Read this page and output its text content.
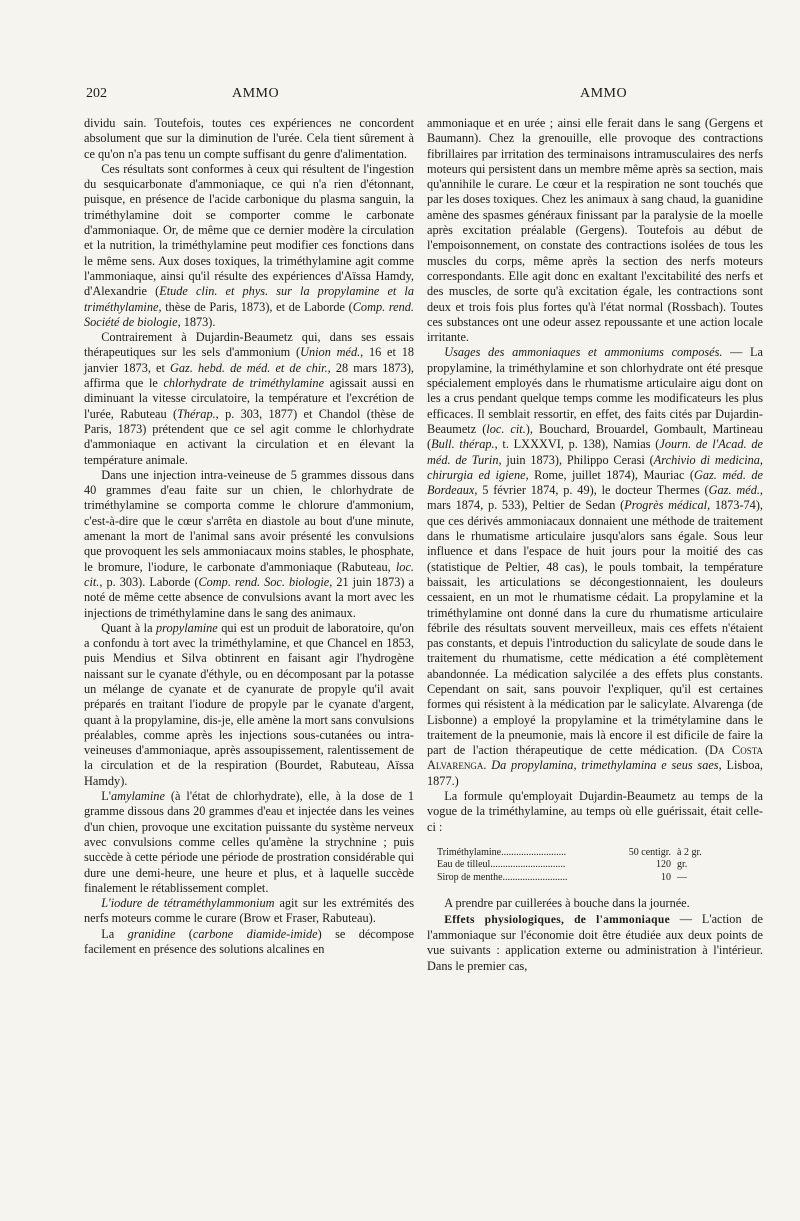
202	AMMO	AMMO

dividu sain. Toutefois, toutes ces expériences ne concordent absolument que sur la diminution de l'urée. Cela tient sûrement à ce qu'on n'a pas tenu un compte suffisant du genre d'alimentation.

Ces résultats sont conformes à ceux qui résultent de l'ingestion du sesquicarbonate d'ammoniaque, ce qui n'a rien d'étonnant, puisque, en présence de l'acide carbonique du plasma sanguin, la triméthylamine doit se comporter comme le carbonate d'ammoniaque. Or, de même que ce dernier modère la circulation et la nutrition, la triméthylamine peut modifier ces fonctions dans le même sens. Aux doses toxiques, la triméthylamine agit comme l'ammoniaque, ainsi qu'il résulte des expériences d'Aïssa Hamdy, d'Alexandrie (Etude clin. et phys. sur la propylamine et la triméthylamine, thèse de Paris, 1873), et de Laborde (Comp. rend. Société de biologie, 1873).

Contrairement à Dujardin-Beaumetz qui, dans ses essais thérapeutiques sur les sels d'ammonium (Union méd., 16 et 18 janvier 1873, et Gaz. hebd. de méd. et de chir., 28 mars 1873), affirma que le chlorhydrate de triméthylamine agissait aussi en diminuant la vitesse circulatoire, la température et l'excrétion de l'urée, Rabuteau (Thérap., p. 303, 1877) et Chandol (thèse de Paris, 1873) prétendent que ce sel agit comme le chlorhydrate d'ammoniaque en activant la circulation et en élevant la température animale.

Dans une injection intra-veineuse de 5 grammes dissous dans 40 grammes d'eau faite sur un chien, le chlorhydrate de triméthylamine se comporta comme le chlorure d'ammonium, c'est-à-dire que le cœur s'arrêta en diastole au bout d'une minute, amenant la mort de l'animal sans avoir présenté les convulsions que provoquent les sels ammoniacaux moins stables, le phosphate, le bromure, l'iodure, le carbonate d'ammoniaque (Rabuteau, loc. cit., p. 303). Laborde (Comp. rend. Soc. biologie, 21 juin 1873) a noté de même cette absence de convulsions avant la mort avec les injections de triméthylamine dans le sang des animaux.

Quant à la propylamine qui est un produit de laboratoire, qu'on a confondu à tort avec la triméthylamine, et que Chancel en 1853, puis Mendius et Silva obtinrent en faisant agir l'hydrogène naissant sur le cyanate d'éthyle, ou en décomposant par la potasse un mélange de cyanate et de cyanurate de propyle qu'il avait préparés en traitant l'iodure de propyle par le cyanate d'argent, quant à la propylamine, dis-je, elle amène la mort sans convulsions préalables, comme après les injections sous-cutanées ou intra-veineuses d'ammoniaque, après assoupissement, ralentissement de la circulation et de la respiration (Bourdet, Rabuteau, Aïssa Hamdy).

L'amylamine (à l'état de chlorhydrate), elle, à la dose de 1 gramme dissous dans 20 grammes d'eau et injectée dans les veines d'un chien, provoque une excitation puissante du système nerveux avec convulsions comme celles qu'amène la strychnine ; puis succède à cette période une période de prostration considérable qui dure une demi-heure, une heure et plus, et à laquelle succède finalement le rétablissement complet.

L'iodure de tétraméthylammonium agit sur les extrémités des nerfs moteurs comme le curare (Brow et Fraser, Rabuteau).

La granidine (carbone diamide-imide) se décompose facilement en présence des solutions alcalines en

ammoniaque et en urée ; ainsi elle ferait dans le sang (Gergens et Baumann). Chez la grenouille, elle provoque des contractions fibrillaires par irritation des terminaisons intramusculaires des nerfs moteurs qui persistent dans un membre même après sa section, mais qu'annihile le curare. Le cœur et la respiration ne sont touchés que par les doses toxiques. Chez les animaux à sang chaud, la guanidine amène des spasmes généraux finissant par la paralysie de la moelle après excitation préalable (Gergens). Toutefois au début de l'empoisonnement, on constate des contractions isolées de tous les muscles du corps, même après la section des nerfs moteurs correspondants. Elle agit donc en exaltant l'excitabilité des nerfs et des muscles, de sorte qu'à excitation égale, les contractions sont deux et trois fois plus fortes qu'à l'état normal (Rossbach). Toutes ces substances ont une odeur assez repoussante et une action locale irritante.

Usages des ammoniaques et ammoniums composés. — La propylamine, la triméthylamine et son chlorhydrate ont été presque spécialement employés dans le rhumatisme articulaire aigu dont on les a crus pendant quelque temps comme les modificateurs les plus efficaces. Il semblait ressortir, en effet, des faits cités par Dujardin-Beaumetz (loc. cit.), Bouchard, Brouardel, Gombault, Martineau (Bull. thérap., t. LXXXVI, p. 138), Namias (Journ. de l'Acad. de méd. de Turin, juin 1873), Philippo Cerasi (Archivio di medicina, chirurgia ed igiene, Rome, juillet 1874), Mauriac (Gaz. méd. de Bordeaux, 5 février 1874, p. 49), le docteur Thermes (Gaz. méd., mars 1874, p. 533), Peltier de Sedan (Progrès médical, 1873-74), que ces dérivés ammoniacaux donnaient une méthode de traitement dans le rhumatisme articulaire jusqu'alors sans égale. Sous leur influence et dans l'espace de huit jours pour la moitié des cas (statistique de Peltier, 48 cas), le pouls tombait, la température baissait, les articulations se décongestionnaient, les douleurs cessaient, en un mot le rhumatisme cédait. La propylamine et la triméthylamine ont donné dans la cure du rhumatisme articulaire fébrile des résultats souvent merveilleux, mais ces effets n'étaient pas constants, et depuis l'introduction du salicylate de soude dans le traitement du rhumatisme, cette médication a été complètement abandonnée. La médication salycilée a des effets plus constants. Cependant on sait, sans pouvoir l'expliquer, qu'il est certaines formes qui résistent à la médication par le salicylate. Alvarenga (de Lisbonne) a employé la propylamine et la trimétylamine dans le traitement de la pneumonie, mais là encore il est dificile de faire la part de l'action thérapeutique de cette médication. (Da Costa Alvarenga. Da propylamina, trimethylamina e seus saes, Lisboa, 1877.)

La formule qu'employait Dujardin-Beaumetz au temps de la vogue de la triméthylamine, au temps où elle guérissait, était celle-ci :

Triméthylamine..........................	50 centigr.	à 2 gr.
Eau de tilleul..............................	120	gr.
Sirop de menthe..........................	10	—

A prendre par cuillerées à bouche dans la journée.

Effets physiologiques, de l'ammoniaque — L'action de l'ammoniaque sur l'économie doit être étudiée aux deux points de vue suivants : application externe ou administration à l'intérieur. Dans le premier cas,
